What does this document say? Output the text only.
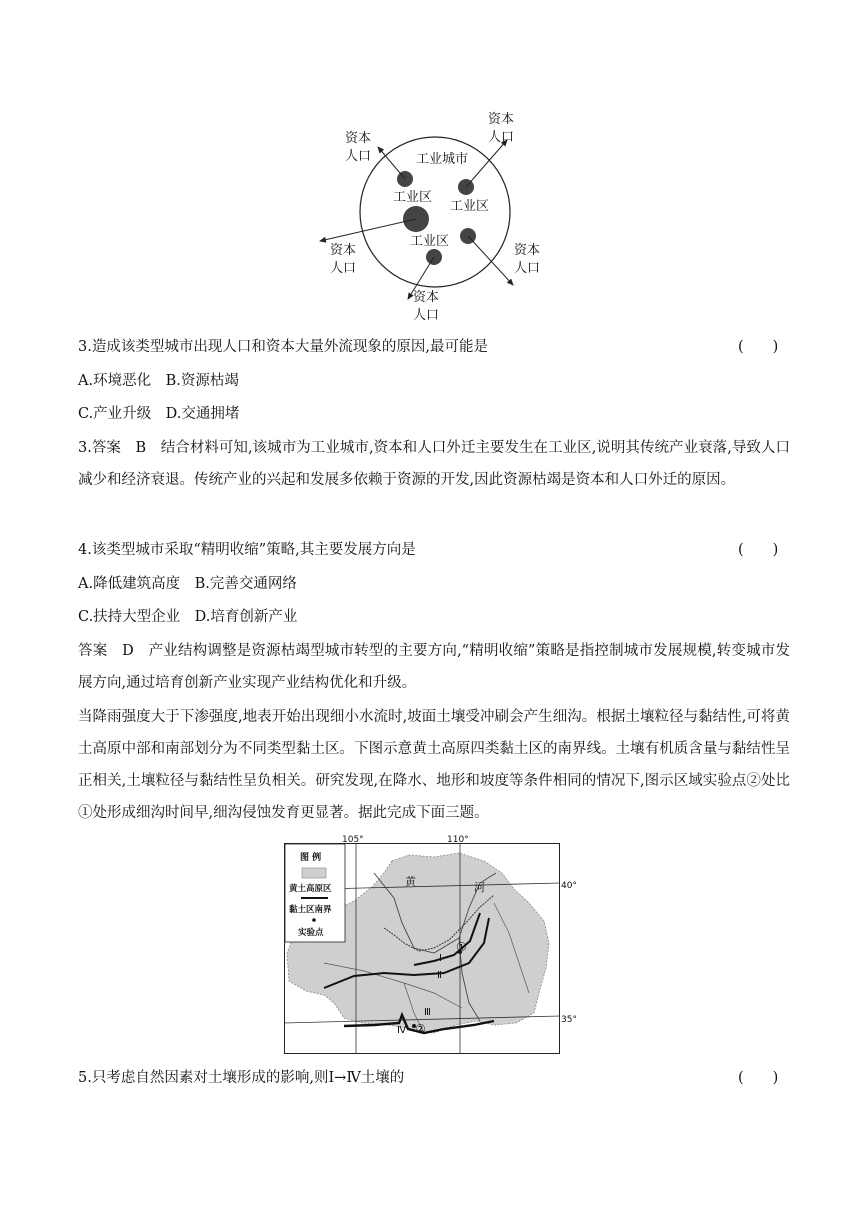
工业城市
工业区
工业区
工业区
资本人口
资本人口
资本人口
资本人口
资本人口
3.造成该类型城市出现人口和资本大量外流现象的原因,最可能是	(　　)
A.环境恶化　B.资源枯竭
C.产业升级　D.交通拥堵
3.答案　B　结合材料可知,该城市为工业城市,资本和人口外迁主要发生在工业区,说明其传统产业衰落,导致人口减少和经济衰退。传统产业的兴起和发展多依赖于资源的开发,因此资源枯竭是资本和人口外迁的原因。
4.该类型城市采取“精明收缩”策略,其主要发展方向是	(　　)
A.降低建筑高度　B.完善交通网络
C.扶持大型企业　D.培育创新产业
答案　D　产业结构调整是资源枯竭型城市转型的主要方向,“精明收缩”策略是指控制城市发展规模,转变城市发展方向,通过培育创新产业实现产业结构优化和升级。
当降雨强度大于下渗强度,地表开始出现细小水流时,坡面土壤受冲刷会产生细沟。根据土壤粒径与黏结性,可将黄土高原中部和南部划分为不同类型黏土区。下图示意黄土高原四类黏土区的南界线。土壤有机质含量与黏结性呈正相关,土壤粒径与黏结性呈负相关。研究发现,在降水、地形和坡度等条件相同的情况下,图示区域实验点②处比①处形成细沟时间早,细沟侵蚀发育更显著。据此完成下面三题。
①
②
Ⅰ
Ⅱ
Ⅲ
Ⅳ
黄	河
图 例
黄土高原区
黏土区南界
实验点
105°	110°
40°
35°
5.只考虑自然因素对土壤形成的影响,则Ⅰ→Ⅳ土壤的	(　　)
